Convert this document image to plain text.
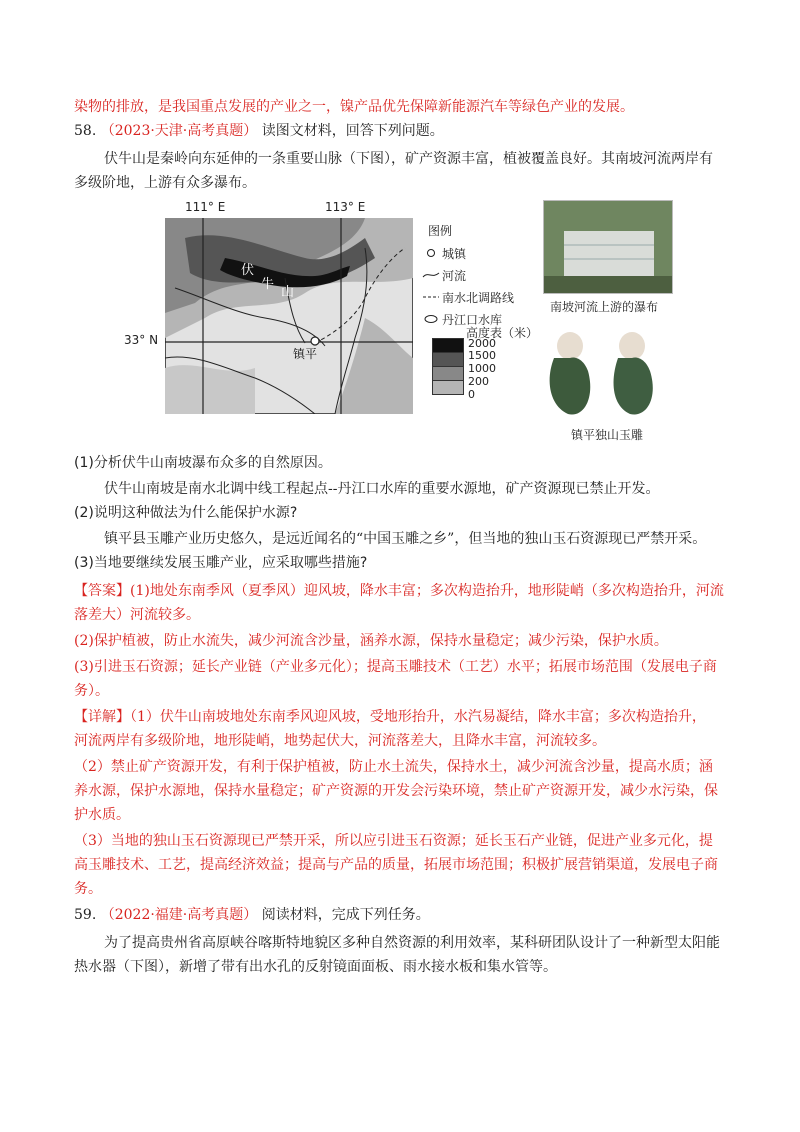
染物的排放，是我国重点发展的产业之一，镍产品优先保障新能源汽车等绿色产业的发展。
58. （2023·天津·高考真题） 读图文材料，回答下列问题。
伏牛山是秦岭向东延伸的一条重要山脉（下图），矿产资源丰富，植被覆盖良好。其南坡河流两岸有
多级阶地，上游有众多瀑布。
111° E	113° E
33° N
镇平
伏
牛
山
图例
城镇
河流
南水北调路线
丹江口水库
高度表（米）
2000
1500
1000
200
0
南坡河流上游的瀑布
镇平独山玉雕
(1)分析伏牛山南坡瀑布众多的自然原因。
伏牛山南坡是南水北调中线工程起点--丹江口水库的重要水源地，矿产资源现已禁止开发。
(2)说明这种做法为什么能保护水源?
镇平县玉雕产业历史悠久，是远近闻名的“中国玉雕之乡”，但当地的独山玉石资源现已严禁开采。
(3)当地要继续发展玉雕产业，应采取哪些措施?
【答案】(1)地处东南季风（夏季风）迎风坡，降水丰富；多次构造抬升，地形陡峭（多次构造抬升，河流
落差大）河流较多。
(2)保护植被，防止水流失，减少河流含沙量，涵养水源，保持水量稳定；减少污染，保护水质。
(3)引进玉石资源；延长产业链（产业多元化）；提高玉雕技术（工艺）水平；拓展市场范围（发展电子商
务）。
【详解】（1）伏牛山南坡地处东南季风迎风坡，受地形抬升，水汽易凝结，降水丰富；多次构造抬升，
河流两岸有多级阶地，地形陡峭，地势起伏大，河流落差大，且降水丰富，河流较多。
（2）禁止矿产资源开发，有利于保护植被，防止水土流失，保持水土，减少河流含沙量，提高水质；涵
养水源，保护水源地，保持水量稳定；矿产资源的开发会污染环境，禁止矿产资源开发，减少水污染，保
护水质。
（3）当地的独山玉石资源现已严禁开采，所以应引进玉石资源；延长玉石产业链，促进产业多元化，提
高玉雕技术、工艺，提高经济效益；提高与产品的质量，拓展市场范围；积极扩展营销渠道，发展电子商
务。
59. （2022·福建·高考真题） 阅读材料，完成下列任务。
为了提高贵州省高原峡谷喀斯特地貌区多种自然资源的利用效率，某科研团队设计了一种新型太阳能
热水器（下图），新增了带有出水孔的反射镜面面板、雨水接水板和集水管等。
